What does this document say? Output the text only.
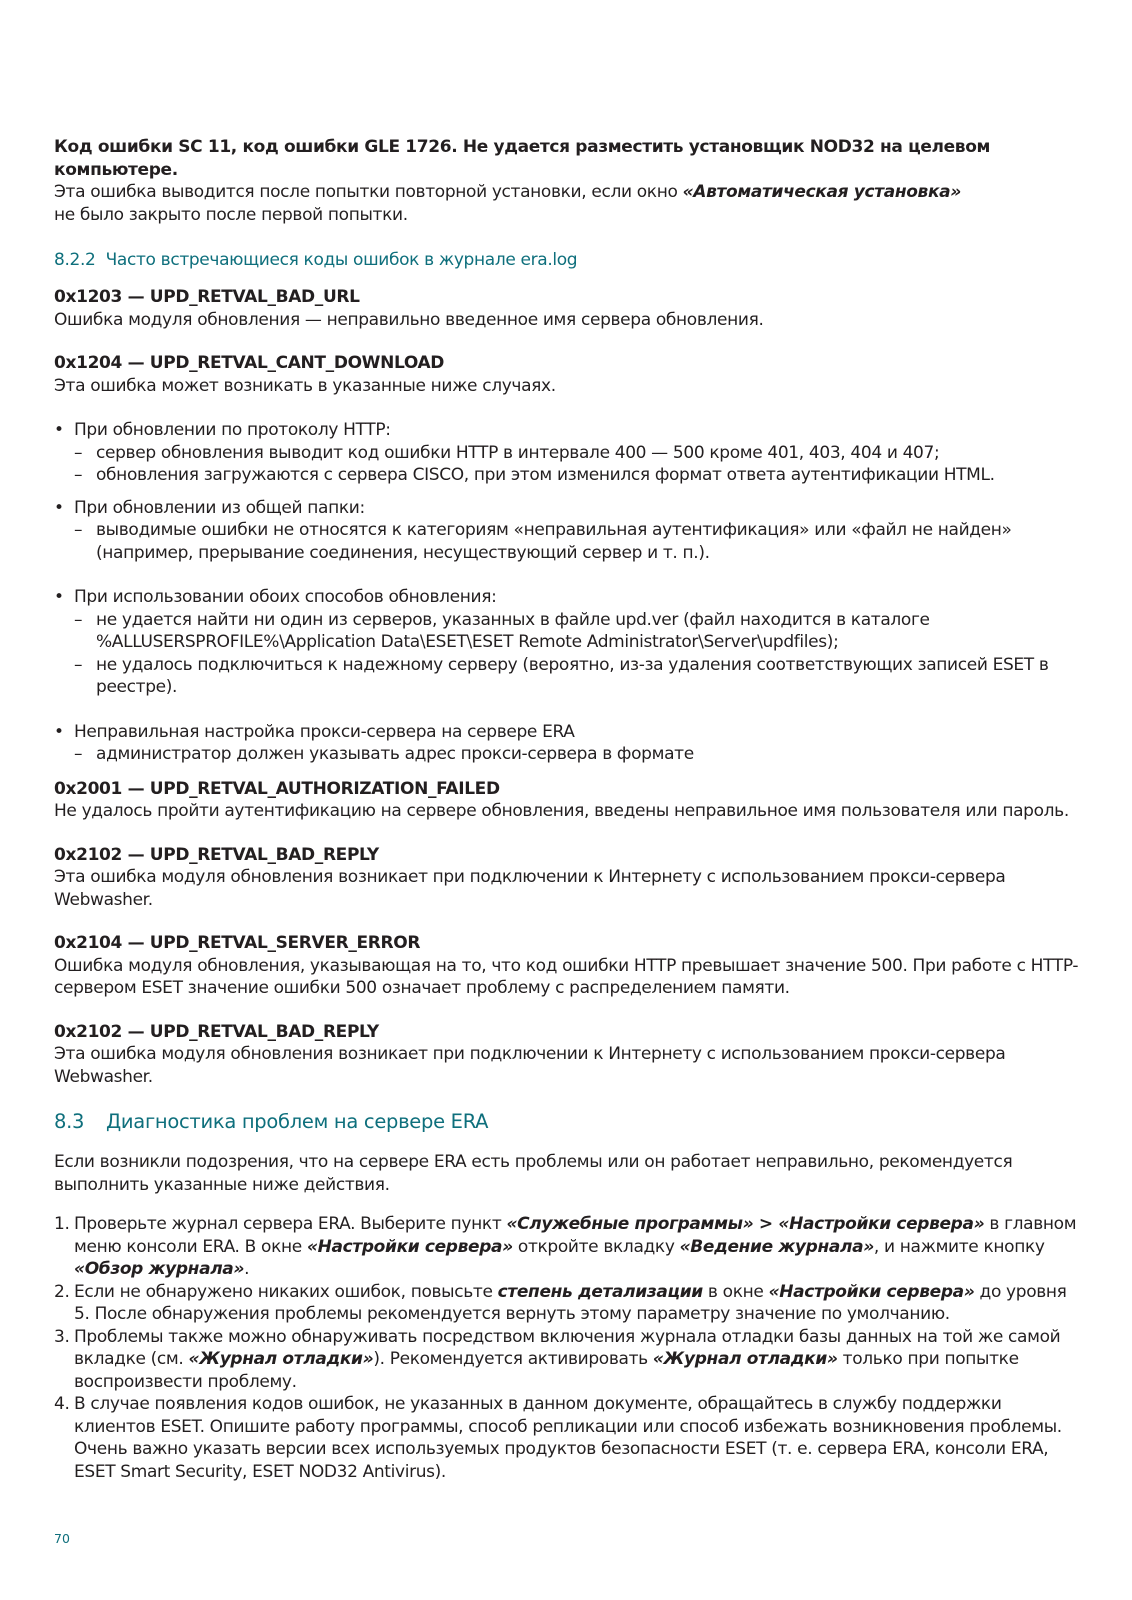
Код ошибки SC 11, код ошибки GLE 1726. Не удается разместить установщик NOD32 на целевом компьютере.

Эта ошибка выводится после попытки повторной установки, если окно «Автоматическая установка»
не было закрыто после первой попытки.

8.2.2 Часто встречающиеся коды ошибок в журнале era.log

0x1203 — UPD_RETVAL_BAD_URL

Ошибка модуля обновления — неправильно введенное имя сервера обновления.

0x1204 — UPD_RETVAL_CANT_DOWNLOAD

Эта ошибка может возникать в указанные ниже случаях.

• При обновлении по протоколу HTTP:
– сервер обновления выводит код ошибки HTTP в интервале 400 — 500 кроме 401, 403, 404 и 407;
– обновления загружаются с сервера CISCO, при этом изменился формат ответа аутентификации HTML.
• При обновлении из общей папки:
– выводимые ошибки не относятся к категориям «неправильная аутентификация» или «файл не найден» (например, прерывание соединения, несуществующий сервер и т. п.).
• При использовании обоих способов обновления:
– не удается найти ни один из серверов, указанных в файле upd.ver (файл находится в каталоге %ALLUSERSPROFILE%\Application Data\ESET\ESET Remote Administrator\Server\updfiles);
– не удалось подключиться к надежному серверу (вероятно, из-за удаления соответствующих записей ESET в реестре).
• Неправильная настройка прокси-сервера на сервере ERA
– администратор должен указывать адрес прокси-сервера в формате

0x2001 — UPD_RETVAL_AUTHORIZATION_FAILED

Не удалось пройти аутентификацию на сервере обновления, введены неправильное имя пользователя или пароль.

0x2102 — UPD_RETVAL_BAD_REPLY

Эта ошибка модуля обновления возникает при подключении к Интернету с использованием прокси-сервера Webwasher.

0x2104 — UPD_RETVAL_SERVER_ERROR

Ошибка модуля обновления, указывающая на то, что код ошибки HTTP превышает значение 500. При работе с HTTP-сервером ESET значение ошибки 500 означает проблему с распределением памяти.

0x2102 — UPD_RETVAL_BAD_REPLY

Эта ошибка модуля обновления возникает при подключении к Интернету с использованием прокси-сервера Webwasher.

8.3 Диагностика проблем на сервере ERA

Если возникли подозрения, что на сервере ERA есть проблемы или он работает неправильно, рекомендуется выполнить указанные ниже действия.

1. Проверьте журнал сервера ERA. Выберите пункт «Служебные программы» > «Настройки сервера» в главном меню консоли ERA. В окне «Настройки сервера» откройте вкладку «Ведение журнала», и нажмите кнопку «Обзор журнала».
2. Если не обнаружено никаких ошибок, повысьте степень детализации в окне «Настройки сервера» до уровня 5. После обнаружения проблемы рекомендуется вернуть этому параметру значение по умолчанию.
3. Проблемы также можно обнаруживать посредством включения журнала отладки базы данных на той же самой вкладке (см. «Журнал отладки»). Рекомендуется активировать «Журнал отладки» только при попытке воспроизвести проблему.
4. В случае появления кодов ошибок, не указанных в данном документе, обращайтесь в службу поддержки клиентов ESET. Опишите работу программы, способ репликации или способ избежать возникновения проблемы. Очень важно указать версии всех используемых продуктов безопасности ESET (т. е. сервера ERA, консоли ERA, ESET Smart Security, ESET NOD32 Antivirus).
70
